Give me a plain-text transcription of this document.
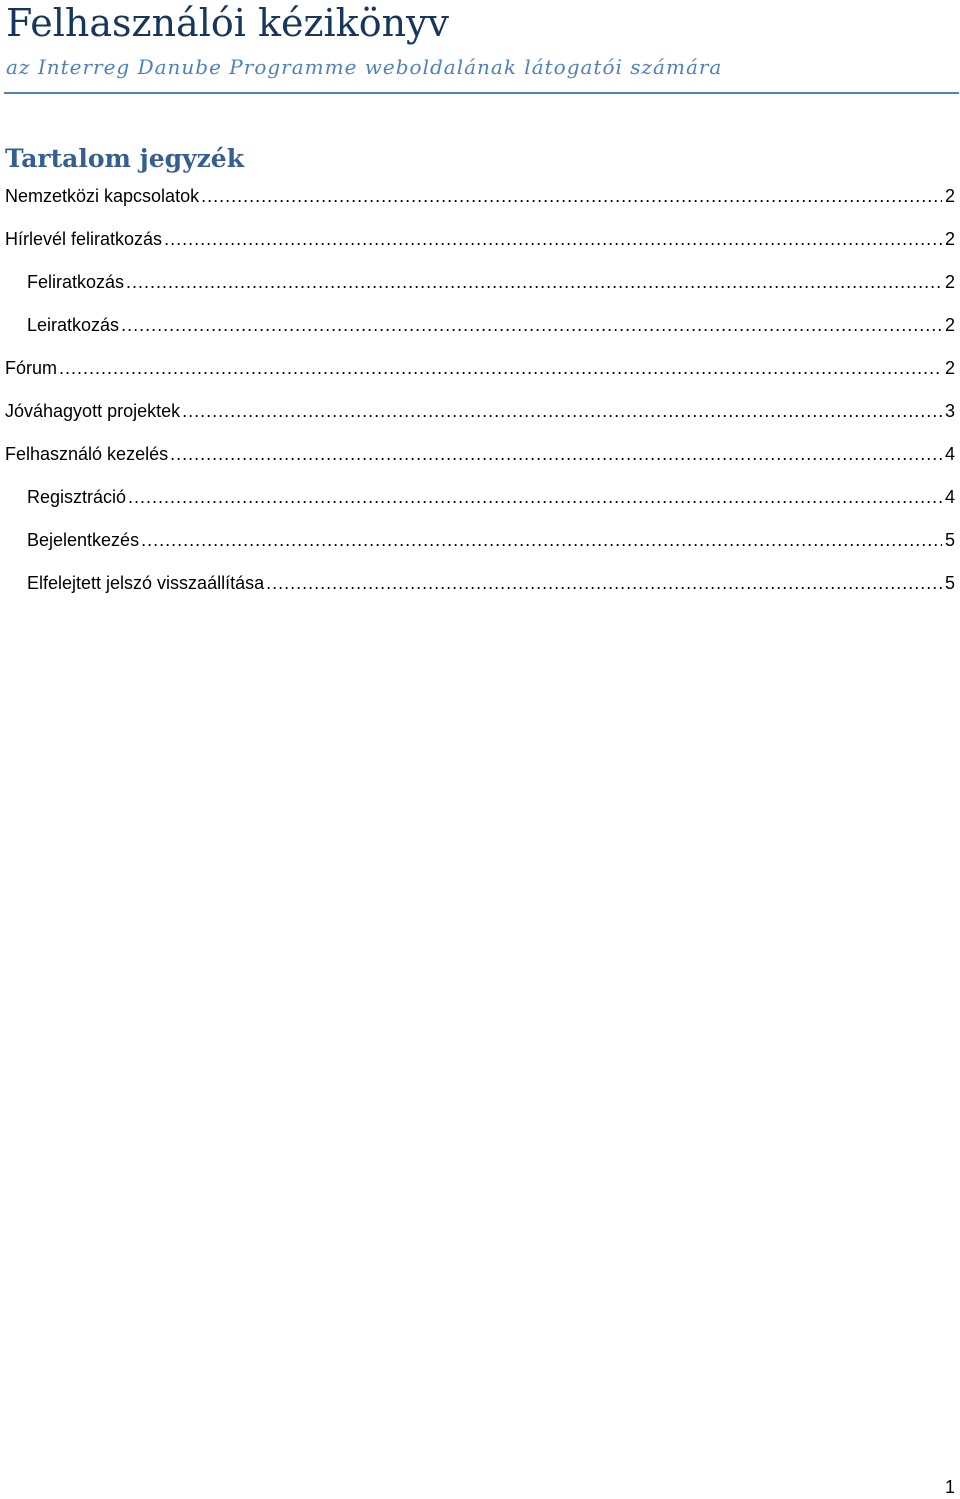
Felhasználói kézikönyv
az Interreg Danube Programme weboldalának látogatói számára
Tartalom jegyzék
Nemzetközi kapcsolatok .....	2
Hírlevél feliratkozás .....	2
Feliratkozás .....	2
Leiratkozás .....	2
Fórum .....	2
Jóváhagyott projektek .....	3
Felhasználó kezelés .....	4
Regisztráció .....	4
Bejelentkezés .....	5
Elfelejtett jelszó visszaállítása .....	5
1
